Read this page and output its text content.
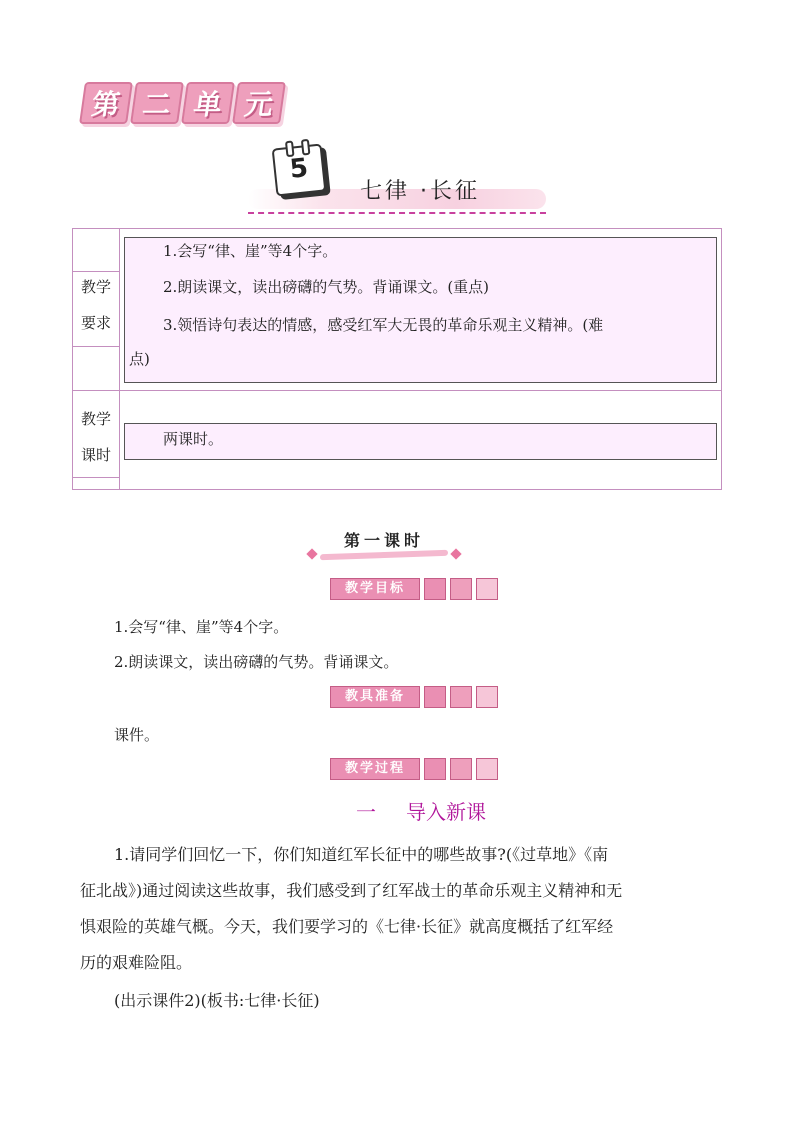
第 二 单 元
5
七律 ·长征
教学
要求
1.会写“律、崖”等4个字。
2.朗读课文，读出磅礴的气势。背诵课文。(重点)
3.领悟诗句表达的情感，感受红军大无畏的革命乐观主义精神。(难
点)
教学
课时
两课时。
第一课时
教学目标
1.会写“律、崖”等4个字。
2.朗读课文，读出磅礴的气势。背诵课文。
教具准备
课件。
教学过程
一 导入新课
1.请同学们回忆一下，你们知道红军长征中的哪些故事?(《过草地》《南
征北战》)通过阅读这些故事，我们感受到了红军战士的革命乐观主义精神和无
惧艰险的英雄气概。今天，我们要学习的《七律·长征》就高度概括了红军经
历的艰难险阻。
(出示课件2)(板书:七律·长征)
